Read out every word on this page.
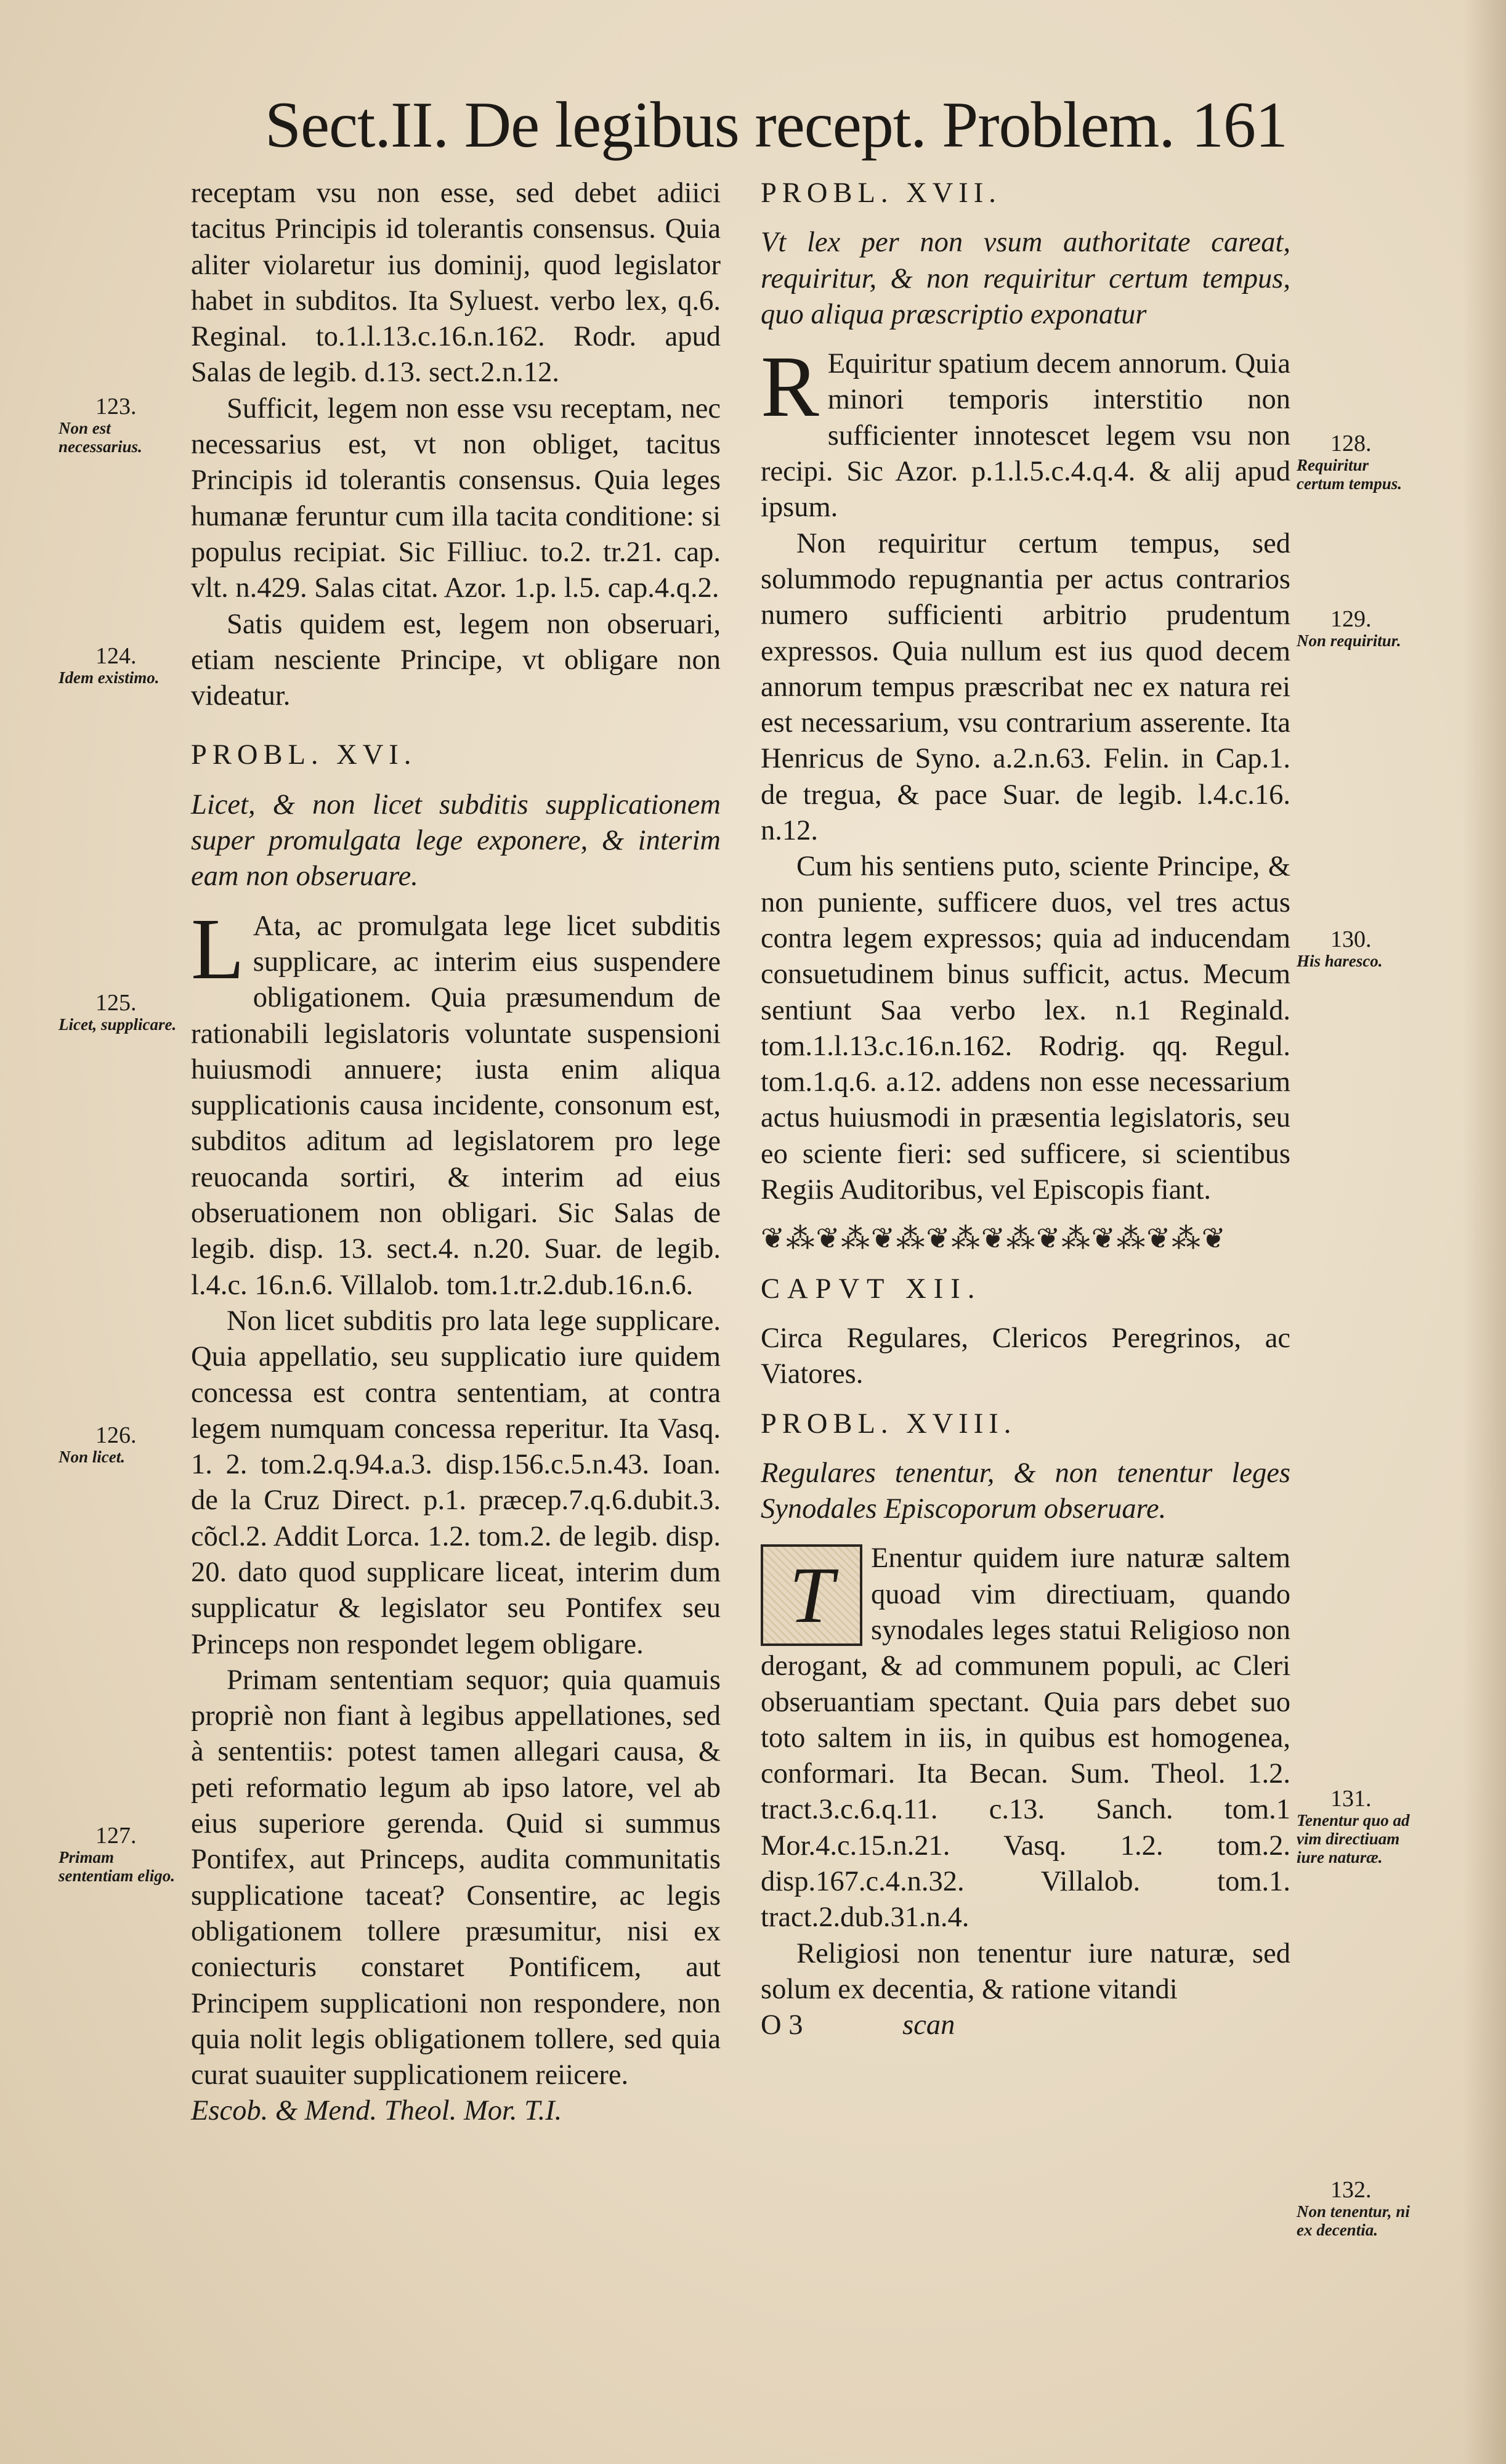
Sect.II. De legibus recept. Problem. 161

receptam vsu non esse, sed debet adiici tacitus Principis id tolerantis consensus. Quia aliter violaretur ius dominij, quod legislator habet in subditos. Ita Syluest. verbo lex, q.6. Reginal. to.1.l.13.c.16.n.162. Rodr. apud Salas de legib. d.13. sect.2.n.12.

Sufficit, legem non esse vsu receptam, nec necessarius est, vt non obliget, tacitus Principis id tolerantis consensus. Quia leges humanæ feruntur cum illa tacita conditione: si populus recipiat. Sic Filliuc. to.2. tr.21. cap. vlt. n.429. Salas citat. Azor. 1.p. l.5. cap.4.q.2.

Satis quidem est, legem non obseruari, etiam nesciente Principe, vt obligare non videatur.

PROBL. XVI.

Licet, & non licet subditis supplicationem super promulgata lege exponere, & interim eam non obseruare.

L Ata, ac promulgata lege licet subditis supplicare, ac interim eius suspendere obligationem. Quia præsumendum de rationabili legislatoris voluntate suspensioni huiusmodi annuere; iusta enim aliqua supplicationis causa incidente, consonum est, subditos aditum ad legislatorem pro lege reuocanda sortiri, & interim ad eius obseruationem non obligari. Sic Salas de legib. disp. 13. sect.4. n.20. Suar. de legib. l.4.c. 16.n.6. Villalob. tom.1.tr.2.dub.16.n.6.

Non licet subditis pro lata lege supplicare. Quia appellatio, seu supplicatio iure quidem concessa est contra sententiam, at contra legem numquam concessa reperitur. Ita Vasq. 1. 2. tom.2.q.94.a.3. disp.156.c.5.n.43. Ioan. de la Cruz Direct. p.1. præcep.7.q.6.dubit.3. cõcl.2. Addit Lorca. 1.2. tom.2. de legib. disp. 20. dato quod supplicare liceat, interim dum supplicatur & legislator seu Pontifex seu Princeps non respondet legem obligare.

Primam sententiam sequor; quia quamuis propriè non fiant à legibus appellationes, sed à sententiis: potest tamen allegari causa, & peti reformatio legum ab ipso latore, vel ab eius superiore gerenda. Quid si summus Pontifex, aut Princeps, audita communitatis supplicatione taceat? Consentire, ac legis obligationem tollere præsumitur, nisi ex coniecturis constaret Pontificem, aut Principem supplicationi non respondere, non quia nolit legis obligationem tollere, sed quia curat suauiter supplicationem reiicere.

Escob. & Mend. Theol. Mor. T.I.

PROBL. XVII.

Vt lex per non vsum authoritate careat, requiritur, & non requiritur certum tempus, quo aliqua præscriptio exponatur

R Equiritur spatium decem annorum. Quia minori temporis interstitio non sufficienter innotescet legem vsu non recipi. Sic Azor. p.1.l.5.c.4.q.4. & alij apud ipsum.

Non requiritur certum tempus, sed solummodo repugnantia per actus contrarios numero sufficienti arbitrio prudentum expressos. Quia nullum est ius quod decem annorum tempus præscribat nec ex natura rei est necessarium, vsu contrarium asserente. Ita Henricus de Syno. a.2.n.63. Felin. in Cap.1. de tregua, & pace Suar. de legib. l.4.c.16. n.12.

Cum his sentiens puto, sciente Principe, & non puniente, sufficere duos, vel tres actus contra legem expressos; quia ad inducendam consuetudinem binus sufficit, actus. Mecum sentiunt Saa verbo lex. n.1 Reginald. tom.1.l.13.c.16.n.162. Rodrig. qq. Regul. tom.1.q.6. a.12. addens non esse necessarium actus huiusmodi in præsentia legislatoris, seu eo sciente fieri: sed sufficere, si scientibus Regiis Auditoribus, vel Episcopis fiant.

❦⁂❦⁂❦⁂❦⁂❦⁂❦⁂❦⁂❦⁂❦

CAPVT XII.

Circa Regulares, Clericos Peregrinos, ac Viatores.

PROBL. XVIII.

Regulares tenentur, & non tenentur leges Synodales Episcoporum obseruare.

T	Enentur quidem iure naturæ saltem quoad vim directiuam, quando synodales leges statui Religioso non derogant, & ad communem populi, ac Cleri obseruantiam spectant. Quia pars debet suo toto saltem in iis, in quibus est homogenea, conformari. Ita Becan. Sum. Theol. 1.2. tract.3.c.6.q.11. c.13. Sanch. tom.1 Mor.4.c.15.n.21. Vasq. 1.2. tom.2. disp.167.c.4.n.32. Villalob. tom.1. tract.2.dub.31.n.4.

Religiosi non tenentur iure naturæ, sed solum ex decentia, & ratione vitandi

O 3	scan

123.
Non est necessarius.
124.
Idem existimo.
125.
Licet, supplicare.
126.
Non licet.
127.
Primam sententiam eligo.
128.
Requiritur certum tempus.
129.
Non requiritur.
130.
His haresco.
131.
Tenentur quo ad vim directiuam iure naturæ.
132.
Non tenentur, ni ex decentia.
